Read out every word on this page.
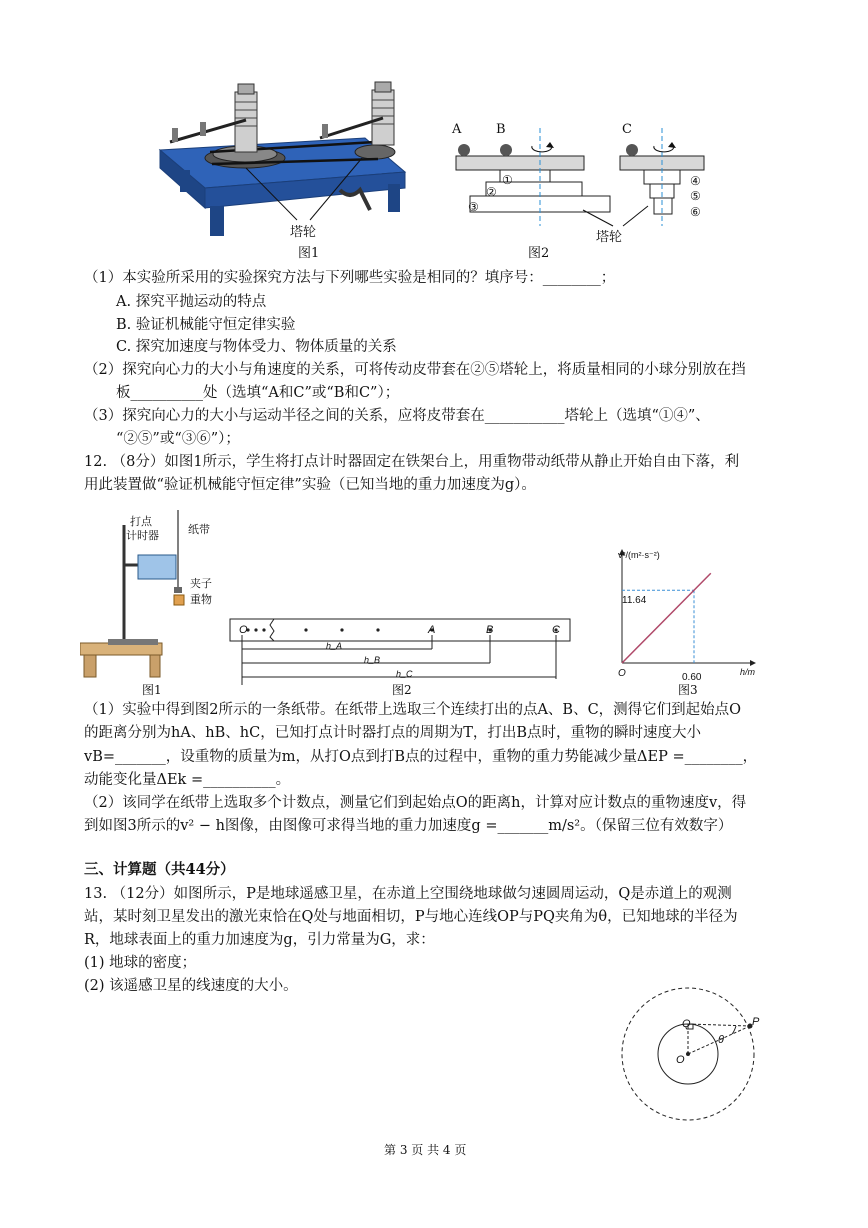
塔轮
图1
A	B	C
①
②
③
④
⑤
⑥
塔轮
图2
（1）本实验所采用的实验探究方法与下列哪些实验是相同的？填序号：________；
A. 探究平抛运动的特点
B. 验证机械能守恒定律实验
C. 探究加速度与物体受力、物体质量的关系
（2）探究向心力的大小与角速度的关系，可将传动皮带套在②⑤塔轮上，将质量相同的小球分别放在挡
板__________处（选填“A和C”或“B和C”）；
（3）探究向心力的大小与运动半径之间的关系，应将皮带套在___________塔轮上（选填“①④”、
“②⑤”或“③⑥”）；
12. （8分）如图1所示，学生将打点计时器固定在铁架台上，用重物带动纸带从静止开始自由下落，利
用此装置做“验证机械能守恒定律”实验（已知当地的重力加速度为g）。
打点
计时器	纸带
夹子
重物
图1
O	A	B	C
h_A
h_B
h_C
图2
v²/(m²·s⁻²)
h/m
O
11.64
0.60
图3
（1）实验中得到图2所示的一条纸带。在纸带上选取三个连续打出的点A、B、C，测得它们到起始点O
的距离分别为hA、hB、hC，已知打点计时器打点的周期为T，打出B点时，重物的瞬时速度大小
vB=_______，设重物的质量为m，从打O点到打B点的过程中，重物的重力势能减少量ΔEP =________，
动能变化量ΔEk =__________。
（2）该同学在纸带上选取多个计数点，测量它们到起始点O的距离h，计算对应计数点的重物速度v，得
到如图3所示的v² − h图像，由图像可求得当地的重力加速度g =_______m/s²。（保留三位有效数字）
三、计算题（共44分）
13. （12分）如图所示，P是地球遥感卫星，在赤道上空围绕地球做匀速圆周运动，Q是赤道上的观测
站，某时刻卫星发出的激光束恰在Q处与地面相切，P与地心连线OP与PQ夹角为θ，已知地球的半径为
R，地球表面上的重力加速度为g，引力常量为G，求：
(1) 地球的密度；
(2) 该遥感卫星的线速度的大小。
P
Q
O
θ
第 3 页 共 4 页
